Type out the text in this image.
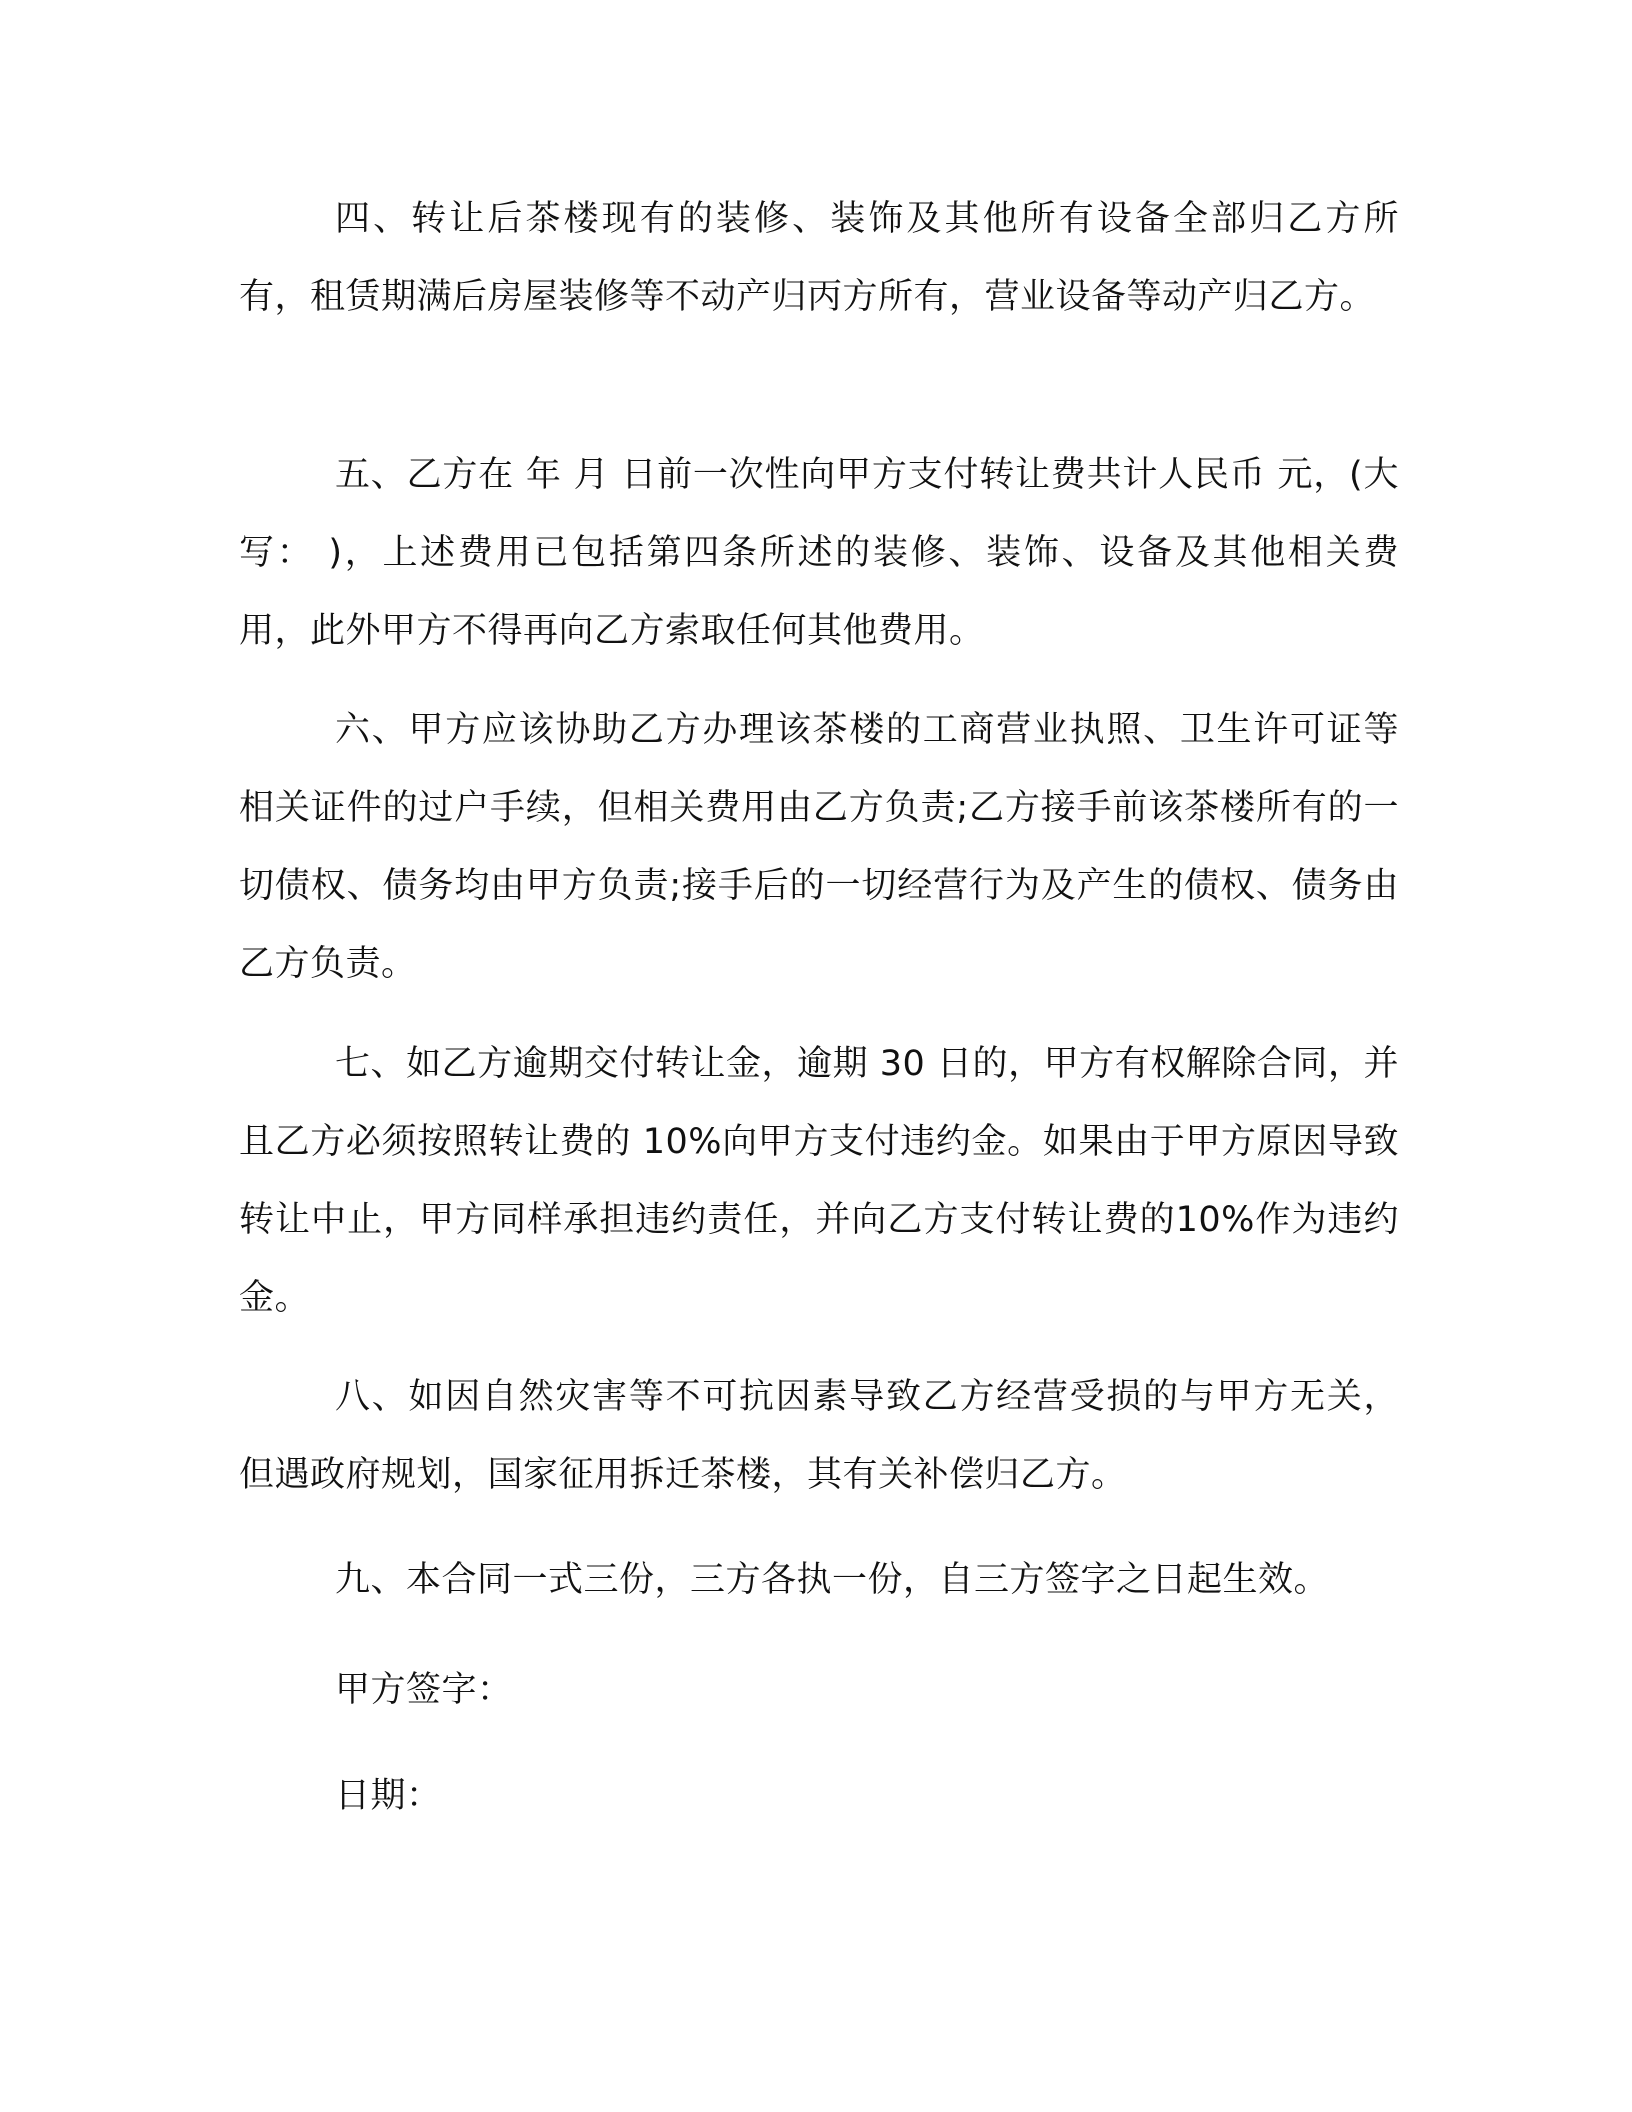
四、转让后茶楼现有的装修、装饰及其他所有设备全部归乙方所有，租赁期满后房屋装修等不动产归丙方所有，营业设备等动产归乙方。

五、乙方在 年 月 日前一次性向甲方支付转让费共计人民币 元，(大写： )，上述费用已包括第四条所述的装修、装饰、设备及其他相关费用，此外甲方不得再向乙方索取任何其他费用。

六、甲方应该协助乙方办理该茶楼的工商营业执照、卫生许可证等相关证件的过户手续，但相关费用由乙方负责;乙方接手前该茶楼所有的一切债权、债务均由甲方负责;接手后的一切经营行为及产生的债权、债务由乙方负责。

七、如乙方逾期交付转让金，逾期 30 日的，甲方有权解除合同，并且乙方必须按照转让费的 10%向甲方支付违约金。如果由于甲方原因导致转让中止，甲方同样承担违约责任，并向乙方支付转让费的10%作为违约金。

八、如因自然灾害等不可抗因素导致乙方经营受损的与甲方无关，但遇政府规划，国家征用拆迁茶楼，其有关补偿归乙方。

九、本合同一式三份，三方各执一份，自三方签字之日起生效。

甲方签字：

日期：
